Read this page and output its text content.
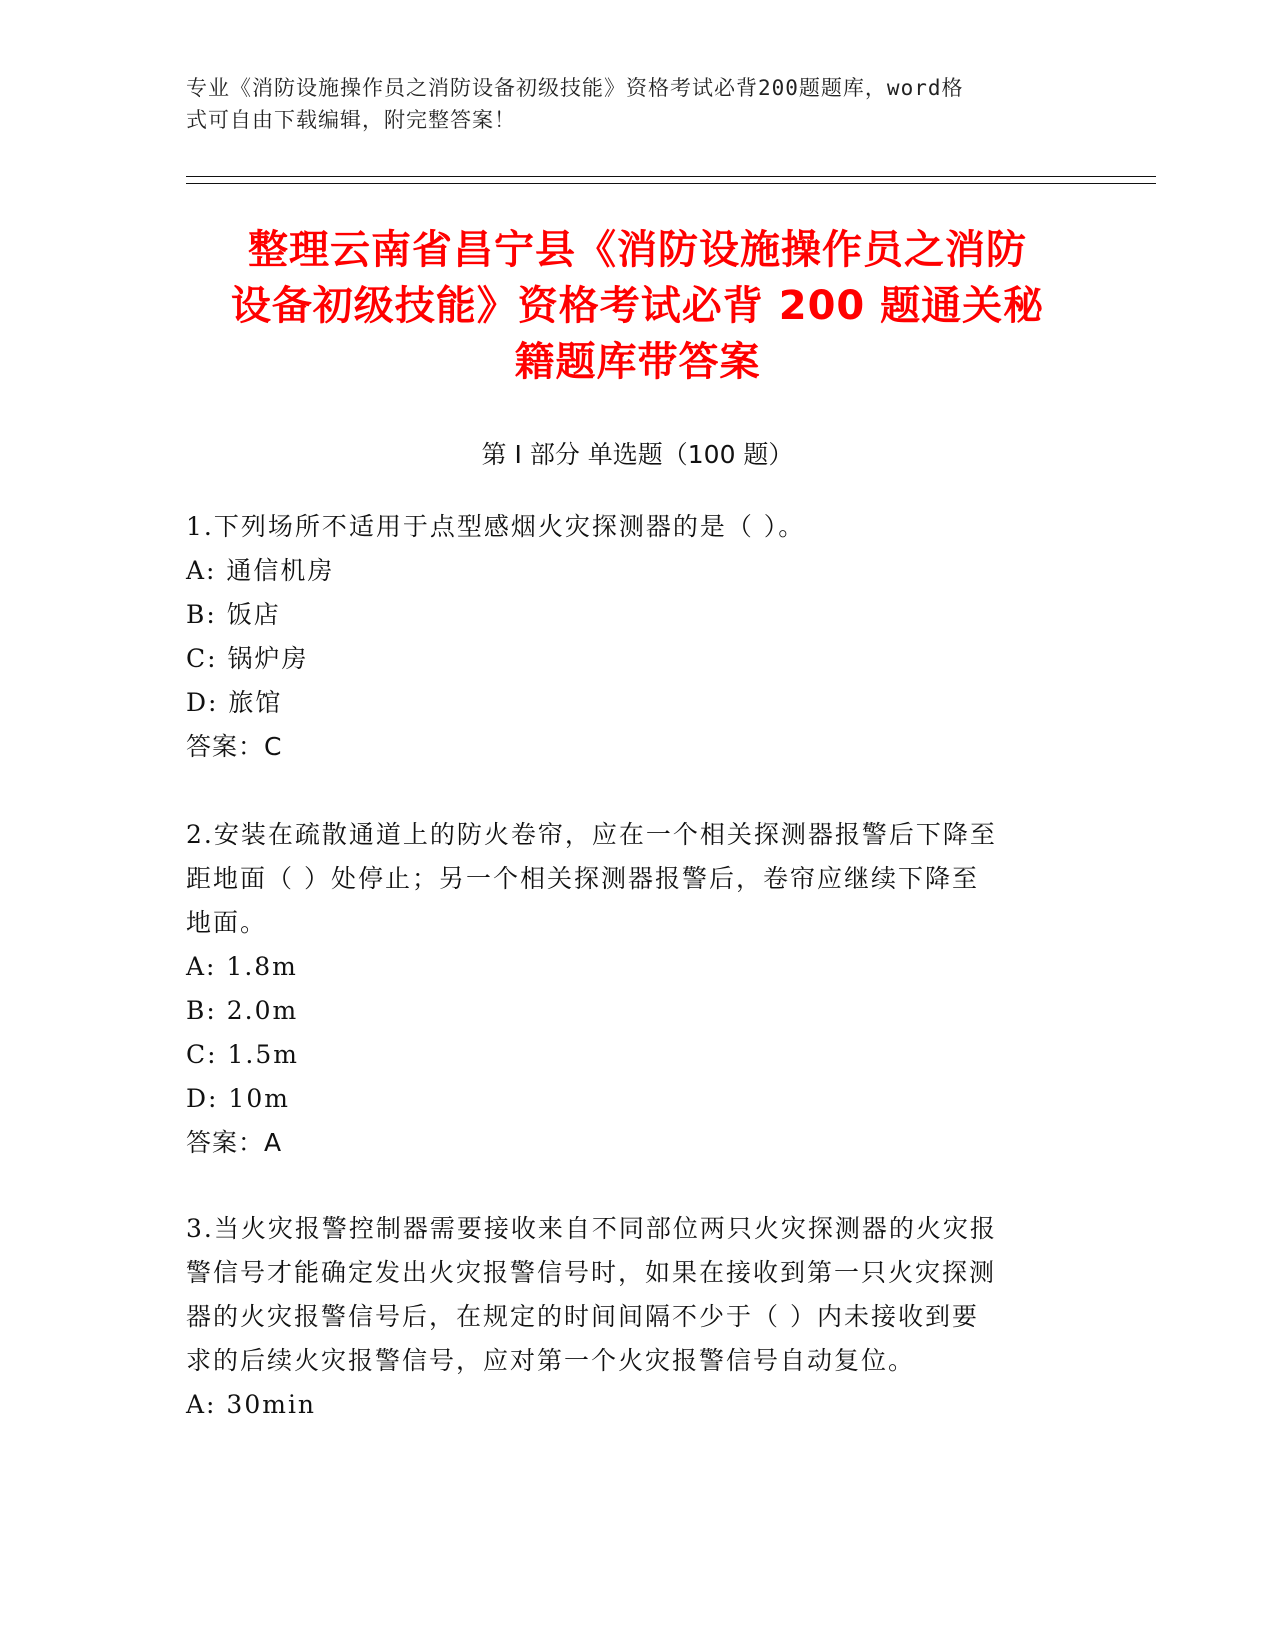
专业《消防设施操作员之消防设备初级技能》资格考试必背200题题库，word格
式可自由下载编辑，附完整答案！
整理云南省昌宁县《消防设施操作员之消防
设备初级技能》资格考试必背 200 题通关秘
籍题库带答案
第 I 部分 单选题（100 题）
1.下列场所不适用于点型感烟火灾探测器的是（ ）。
A: 通信机房
B: 饭店
C: 锅炉房
D: 旅馆
答案：C
2.安装在疏散通道上的防火卷帘，应在一个相关探测器报警后下降至
距地面（ ）处停止；另一个相关探测器报警后，卷帘应继续下降至
地面。
A: 1.8m
B: 2.0m
C: 1.5m
D: 10m
答案：A
3.当火灾报警控制器需要接收来自不同部位两只火灾探测器的火灾报
警信号才能确定发出火灾报警信号时，如果在接收到第一只火灾探测
器的火灾报警信号后，在规定的时间间隔不少于（ ）内未接收到要
求的后续火灾报警信号，应对第一个火灾报警信号自动复位。
A: 30min
